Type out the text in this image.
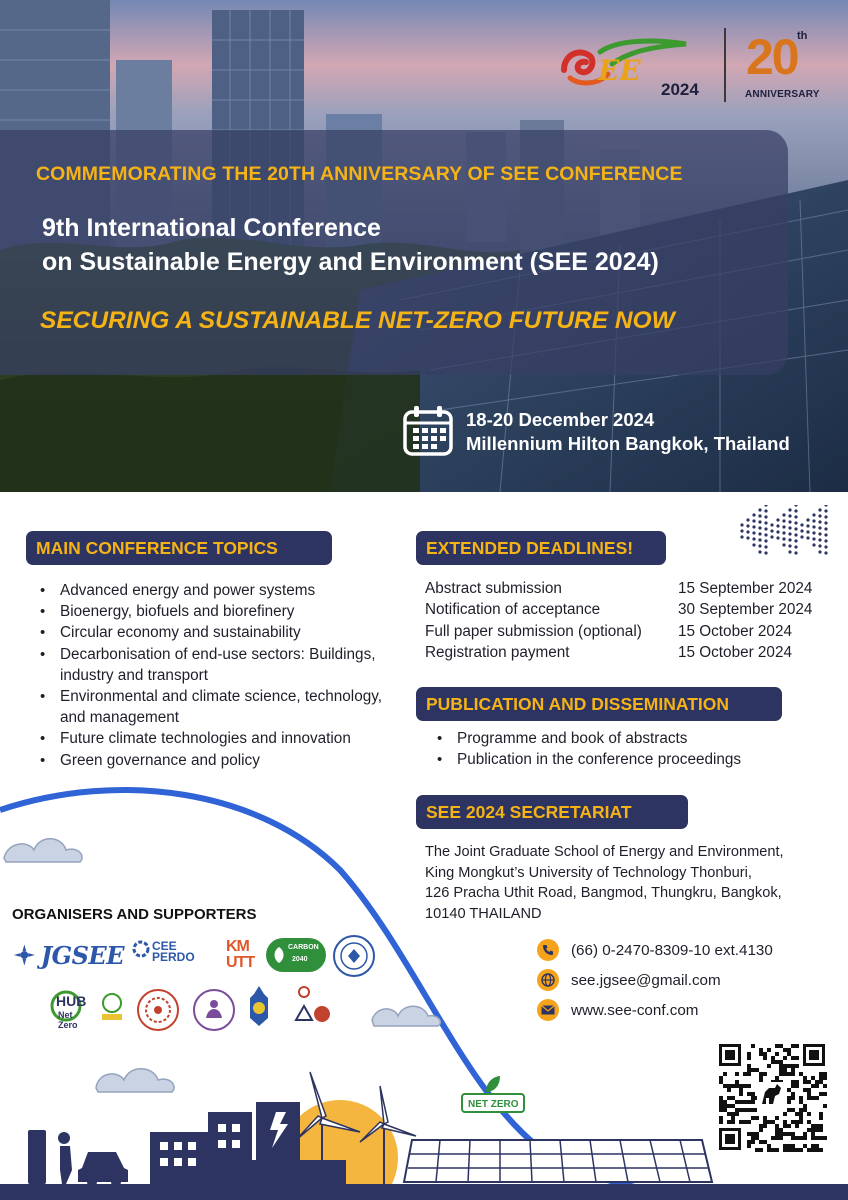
COMMEMORATING THE 20TH ANNIVERSARY OF SEE CONFERENCE
9th International Conference
on Sustainable Energy and Environment (SEE 2024)
SECURING A SUSTAINABLE NET-ZERO FUTURE NOW
18-20 December 2024
Millennium Hilton Bangkok, Thailand
EE
2024
20 th
ANNIVERSARY
NET ZERO
MAIN CONFERENCE TOPICS
• Advanced energy and power systems
• Bioenergy, biofuels and biorefinery
• Circular economy and sustainability
• Decarbonisation of end-use sectors: Buildings, industry and transport
• Environmental and climate science, technology, and management
• Future climate technologies and innovation
• Green governance and policy
EXTENDED DEADLINES!
Abstract submission	15 September 2024
Notification of acceptance	30 September 2024
Full paper submission (optional)	15 October 2024
Registration payment	15 October 2024
PUBLICATION AND DISSEMINATION
• Programme and book of abstracts
• Publication in the conference proceedings
SEE 2024 SECRETARIAT
The Joint Graduate School of Energy and Environment,
King Mongkut’s University of Technology Thonburi,
126 Pracha Uthit Road, Bangmod, Thungkru, Bangkok,
10140 THAILAND
(66) 0-2470-8309-10 ext.4130
see.jgsee@gmail.com
www.see-conf.com
ORGANISERS AND SUPPORTERS
JGSEE CEE
PERDO
KM
UTT
CARBON
2040
HUB
Net Zero
